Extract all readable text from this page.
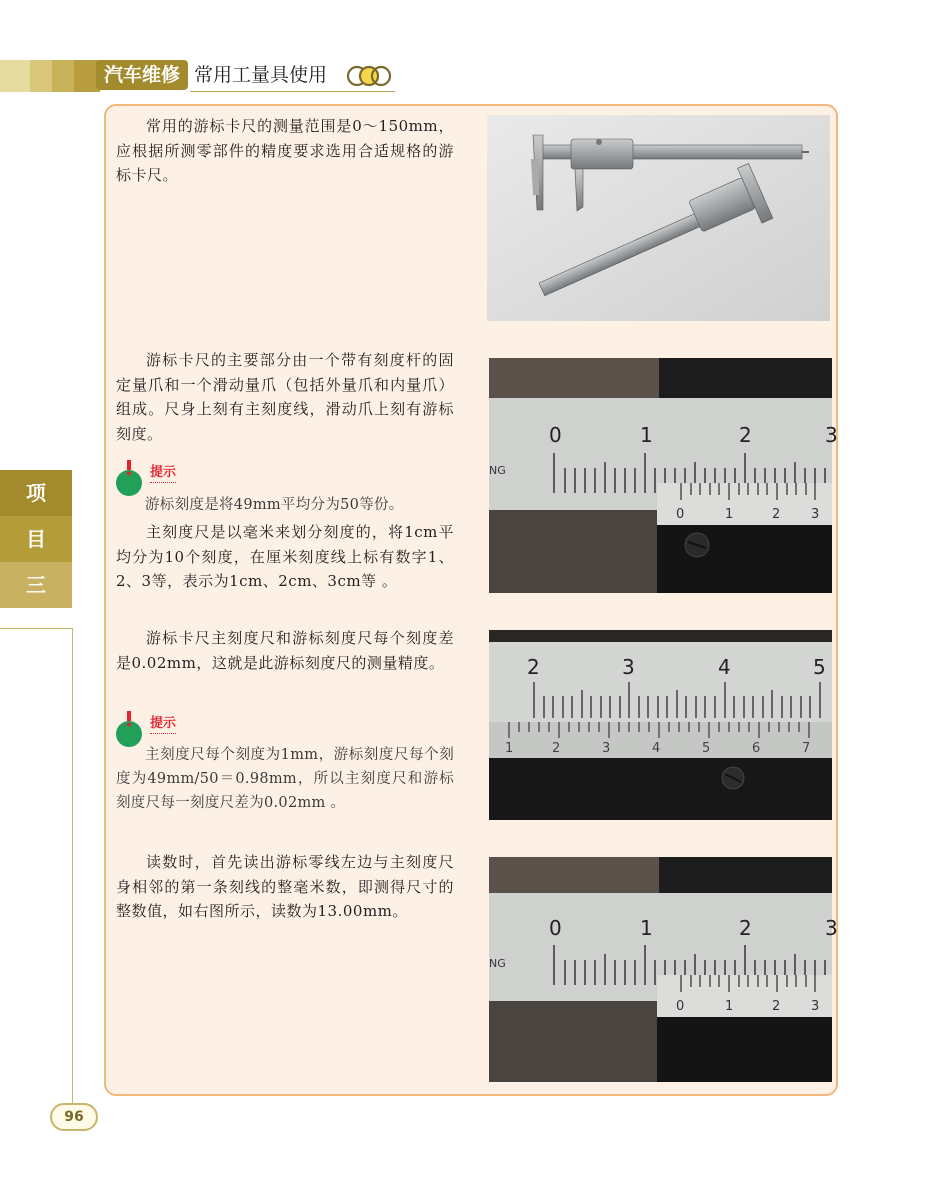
汽车维修 常用工量具使用
项
目
三
常用的游标卡尺的测量范围是0～150mm，应根据所测零部件的精度要求选用合适规格的游标卡尺。
游标卡尺的主要部分由一个带有刻度杆的固定量爪和一个滑动量爪（包括外量爪和内量爪）组成。尺身上刻有主刻度线，滑动爪上刻有游标刻度。
提示
游标刻度是将49mm平均分为50等份。
主刻度尺是以毫米来划分刻度的，将1cm平均分为10个刻度，在厘米刻度线上标有数字1、2、3等，表示为1cm、2cm、3cm等 。
游标卡尺主刻度尺和游标刻度尺每个刻度差是0.02mm，这就是此游标刻度尺的测量精度。
提示
主刻度尺每个刻度为1mm，游标刻度尺每个刻度为49mm/50＝0.98mm，所以主刻度尺和游标刻度尺每一刻度尺差为0.02mm 。
读数时，首先读出游标零线左边与主刻度尺身相邻的第一条刻线的整毫米数，即测得尺寸的整数值，如右图所示，读数为13.00mm。
0	1	2	3
NG
0	1	2 3
2	3	4	5
1	2	3	4	5	6	7
0	1	2	3
NG
0	1	2 3
96
